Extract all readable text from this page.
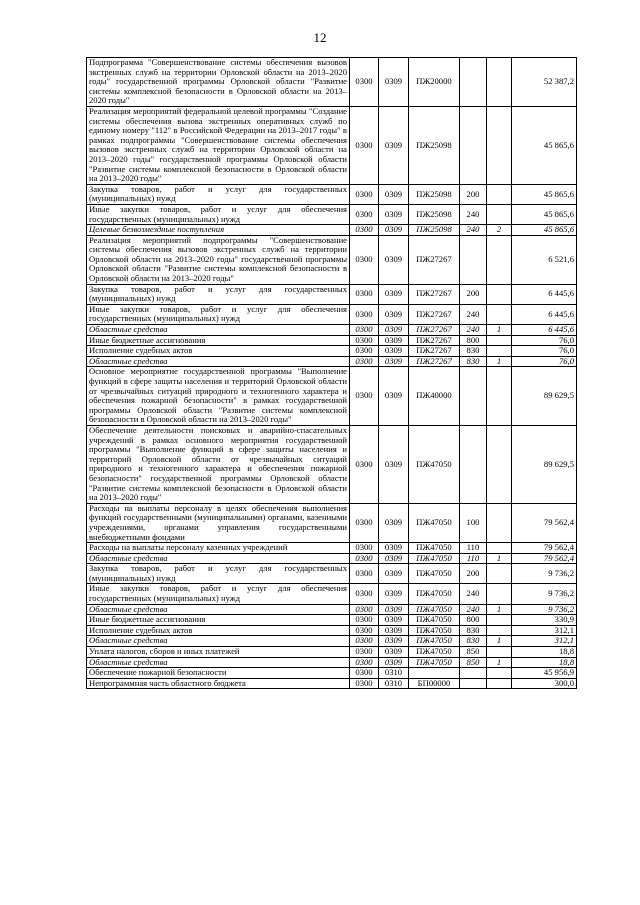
12
Подпрограмма "Совершенствование системы обеспечения вызовов экстренных служб на территории Орловской области на 2013–2020 годы" государственной программы Орловской области "Развитие системы комплексной безопасности в Орловской области на 2013–2020 годы"	0300	0309	ПЖ20000			52 387,2
Реализация мероприятий федеральной целевой программы "Создание системы обеспечения вызова экстренных оперативных служб по единому номеру "112" в Российской Федерации на 2013–2017 годы" в рамках подпрограммы "Совершенствование системы обеспечения вызовов экстренных служб на территории Орловской области на 2013–2020 годы" государственной программы Орловской области "Развитие системы комплексной безопасности в Орловской области на 2013–2020 годы"	0300	0309	ПЖ25098			45 865,6
Закупка товаров, работ и услуг для государственных (муниципальных) нужд	0300	0309	ПЖ25098	200		45 865,6
Иные закупки товаров, работ и услуг для обеспечения государственных (муниципальных) нужд	0300	0309	ПЖ25098	240		45 865,6
Целевые безвозмездные поступления	0300	0309	ПЖ25098	240	2	45 865,6
Реализация мероприятий подпрограммы "Совершенствование системы обеспечения вызовов экстренных служб на территории Орловской области на 2013–2020 годы" государственной программы Орловской области "Развитие системы комплексной безопасности в Орловской области на 2013–2020 годы"	0300	0309	ПЖ27267			6 521,6
Закупка товаров, работ и услуг для государственных (муниципальных) нужд	0300	0309	ПЖ27267	200		6 445,6
Иные закупки товаров, работ и услуг для обеспечения государственных (муниципальных) нужд	0300	0309	ПЖ27267	240		6 445,6
Областные средства	0300	0309	ПЖ27267	240	1	6 445,6
Иные бюджетные ассигнования	0300	0309	ПЖ27267	800		76,0
Исполнение судебных актов	0300	0309	ПЖ27267	830		76,0
Областные средства	0300	0309	ПЖ27267	830	1	76,0
Основное мероприятие государственной программы "Выполнение функций в сфере защиты населения и территорий Орловской области от чрезвычайных ситуаций природного и техногенного характера и обеспечения пожарной безопасности" в рамках государственной программы Орловской области "Развитие системы комплексной безопасности в Орловской области на 2013–2020 годы"	0300	0309	ПЖ40000			89 629,5
Обеспечение деятельности поисковых и аварийно-спасательных учреждений в рамках основного мероприятия государственной программы "Выполнение функций в сфере защиты населения и территорий Орловской области от чрезвычайных ситуаций природного и техногенного характера и обеспечения пожарной безопасности" государственной программы Орловской области "Развитие системы комплексной безопасности в Орловской области на 2013–2020 годы"	0300	0309	ПЖ47050			89 629,5
Расходы на выплаты персоналу в целях обеспечения выполнения функций государственными (муниципальными) органами, казенными учреждениями, органами управления государственными внебюджетными фондами	0300	0309	ПЖ47050	100		79 562,4
Расходы на выплаты персоналу казенных учреждений	0300	0309	ПЖ47050	110		79 562,4
Областные средства	0300	0309	ПЖ47050	110	1	79 562,4
Закупка товаров, работ и услуг для государственных (муниципальных) нужд	0300	0309	ПЖ47050	200		9 736,2
Иные закупки товаров, работ и услуг для обеспечения государственных (муниципальных) нужд	0300	0309	ПЖ47050	240		9 736,2
Областные средства	0300	0309	ПЖ47050	240	1	9 736,2
Иные бюджетные ассигнования	0300	0309	ПЖ47050	800		330,9
Исполнение судебных актов	0300	0309	ПЖ47050	830		312,1
Областные средства	0300	0309	ПЖ47050	830	1	312,1
Уплата налогов, сборов и иных платежей	0300	0309	ПЖ47050	850		18,8
Областные средства	0300	0309	ПЖ47050	850	1	18,8
Обеспечение пожарной безопасности	0300	0310				45 956,9
Непрограммная часть областного бюджета	0300	0310	БП00000			300,0
